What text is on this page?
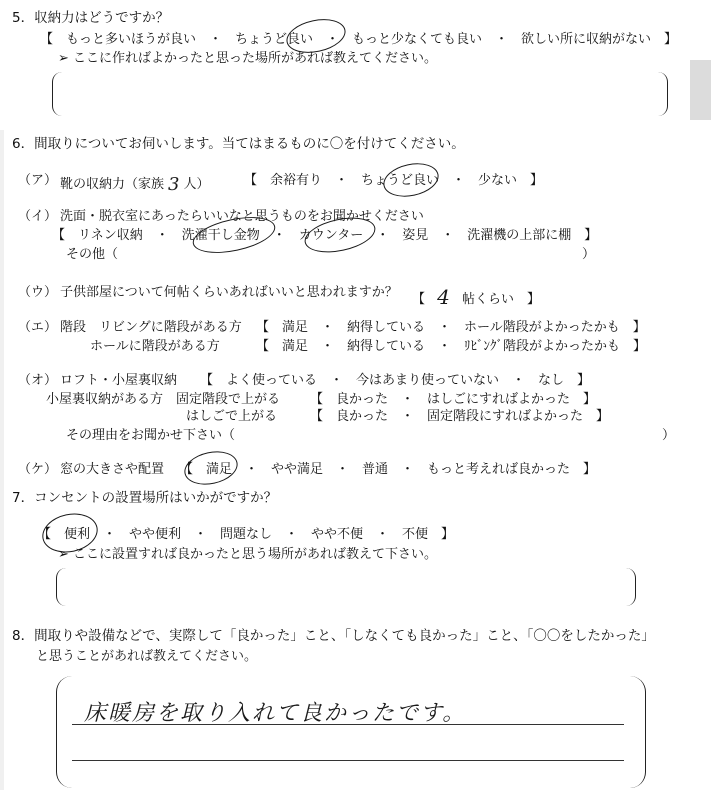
5．収納力はどうですか？
【　もっと多いほうが良い　・　ちょうど良い　・　もっと少なくても良い　・　欲しい所に収納がない　】
➢ ここに作ればよかったと思った場所があれば教えてください。
6．間取りについてお伺いします。当てはまるものに〇を付けてください。
（ア） 靴の収納力（家族 3 人）	【　余裕有り　・　ちょうど良い　・　少ない　】
（イ） 洗面・脱衣室にあったらいいなと思うものをお聞かせください
【　リネン収納　・　洗濯干し金物　・　カウンター　・　姿見　・　洗濯機の上部に棚　】
その他（	）
（ウ） 子供部屋について何帖くらいあればいいと思われますか？ 【 4 帖くらい　】
（エ） 階段　リビングに階段がある方 【　満足　・　納得している　・　ホール階段がよかったかも　】
ホールに階段がある方	【　満足　・　納得している　・　ﾘﾋﾞﾝｸﾞ階段がよかったかも　】
（オ） ロフト・小屋裏収納 【　よく使っている　・　今はあまり使っていない　・　なし　】
小屋裏収納がある方　固定階段で上がる 【　良かった　・　はしごにすればよかった　】
はしごで上がる	【　良かった　・　固定階段にすればよかった　】
その理由をお聞かせ下さい（	）
（ケ） 窓の大きさや配置 【　満足　・　やや満足　・　普通　・　もっと考えれば良かった　】
7．コンセントの設置場所はいかがですか？
【　便利　・　やや便利　・　問題なし　・　やや不便　・　不便　】
➢ ここに設置すれば良かったと思う場所があれば教えて下さい。
8．間取りや設備などで、実際して「良かった」こと、「しなくても良かった」こと、「〇〇をしたかった」
と思うことがあれば教えてください。
床暖房を取り入れて良かったです。
